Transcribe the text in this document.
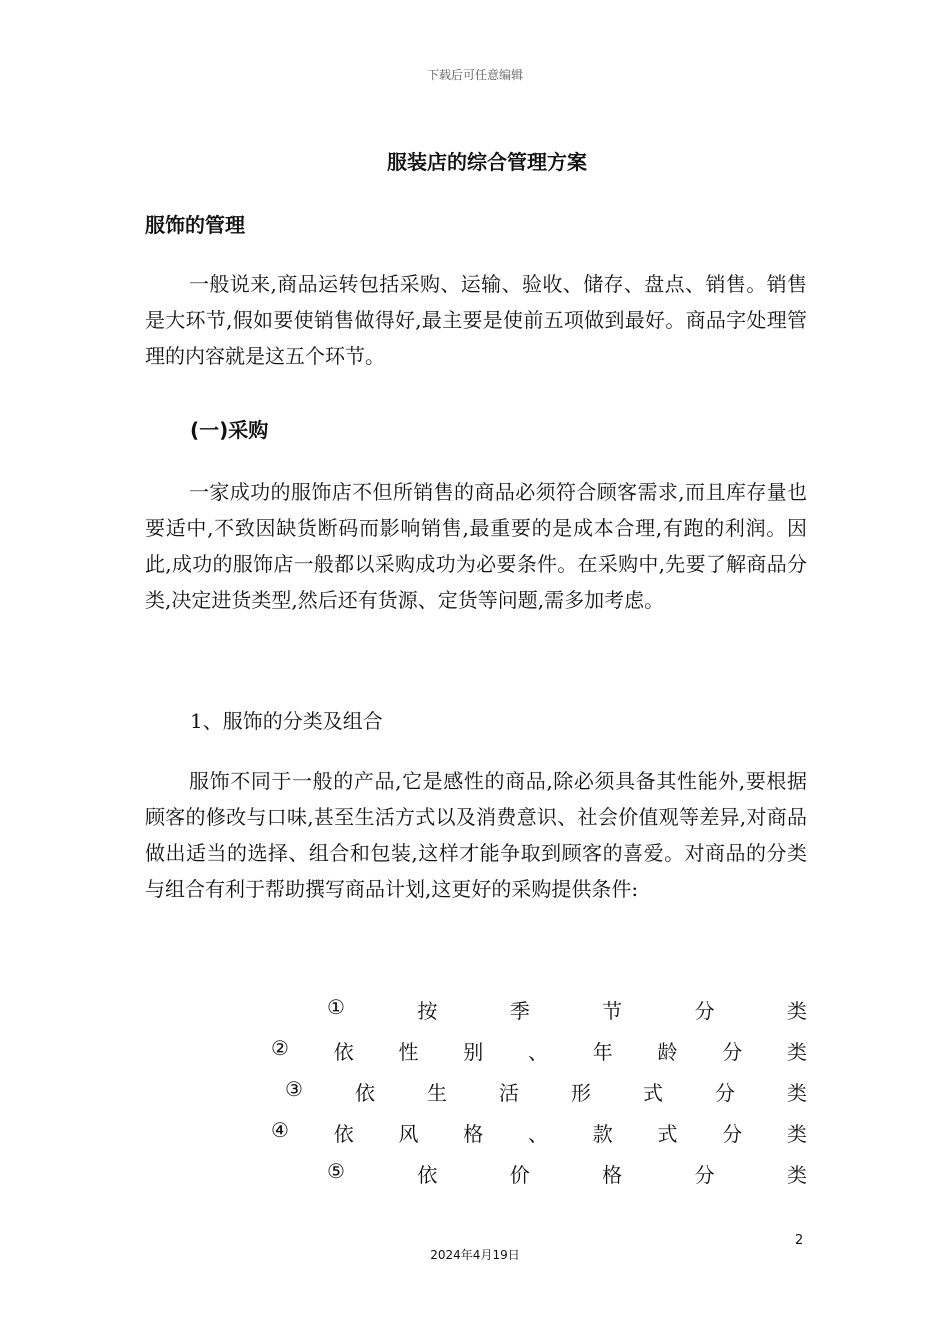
下载后可任意编辑
服装店的综合管理方案
服饰的管理

一般说来,商品运转包括采购、运输、验收、储存、盘点、销售。销售是大环节,假如要使销售做得好,最主要是使前五项做到最好。商品字处理管理的内容就是这五个环节。

(一)采购

一家成功的服饰店不但所销售的商品必须符合顾客需求,而且库存量也要适中,不致因缺货断码而影响销售,最重要的是成本合理,有跑的利润。因此,成功的服饰店一般都以采购成功为必要条件。在采购中,先要了解商品分类,决定进货类型,然后还有货源、定货等问题,需多加考虑。

1、服饰的分类及组合

服饰不同于一般的产品,它是感性的商品,除必须具备其性能外,要根据顾客的修改与口味,甚至生活方式以及消费意识、社会价值观等差异,对商品做出适当的选择、组合和包装,这样才能争取到顾客的喜爱。对商品的分类与组合有利于帮助撰写商品计划,这更好的采购提供条件:

①	按	季	节	分	类
② 依 性 别 、 年 龄 分 类
③	依	生	活	形	式	分	类
④ 依 风 格 、 款 式 分 类
⑤	依	价	格	分	类
2
2024年4月19日
